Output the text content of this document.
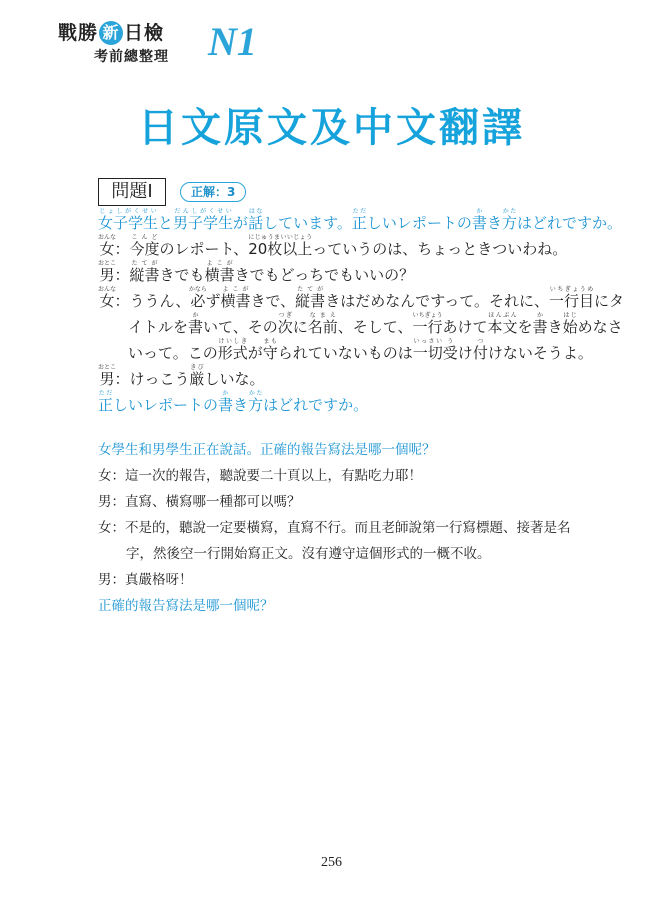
戰勝 新 日檢
考前總整理 N1
日文原文及中文翻譯
問題Ⅰ	正解：3
女子学生じょしがくせいと男子学生だんしがくせいが話はなしています。正ただしいレポートの書かき方かたはどれですか。
女おんな：今度こんどのレポート、20枚以上にじゅうまいいじょうっていうのは、ちょっときついわね。
男おとこ：縦書たてがきでも横書よこがきでもどっちでもいいの？
女おんな：ううん、必かならず横書よこがきで、縦書たてがきはだめなんですって。それに、一行目いちぎょうめにタ
イトルを書かいて、その次つぎに名前なまえ、そして、一行いちぎょうあけて本文ほんぶんを書かき始はじめなさ
いって。この形式けいしきが守まもられていないものは一切いっさい受うけ付つけないそうよ。
男おとこ：けっこう厳きびしいな。
正ただしいレポートの書かき方かたはどれですか。
女學生和男學生正在說話。正確的報告寫法是哪一個呢？
女：這一次的報告，聽說要二十頁以上，有點吃力耶！
男：直寫、橫寫哪一種都可以嗎？
女：不是的，聽說一定要橫寫，直寫不行。而且老師說第一行寫標題、接著是名
字，然後空一行開始寫正文。沒有遵守這個形式的一概不收。
男：真嚴格呀！
正確的報告寫法是哪一個呢？
256
